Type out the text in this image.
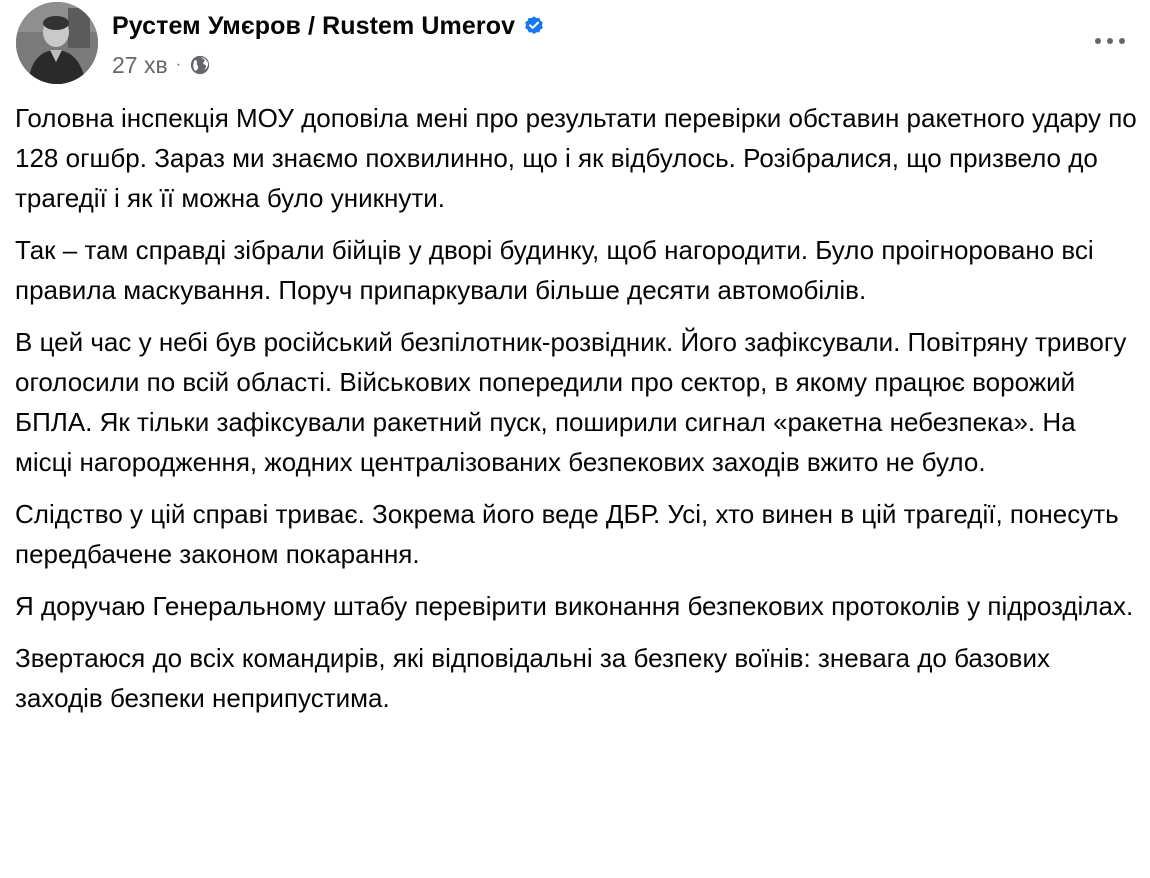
Рустем Умєров / Rustem Umerov
27 хв ·

Головна інспекція МОУ доповіла мені про результати перевірки обставин ракетного удару по 128 огшбр. Зараз ми знаємо похвилинно, що і як відбулось. Розібралися, що призвело до трагедії і як її можна було уникнути.

Так – там справді зібрали бійців у дворі будинку, щоб нагородити. Було проігноровано всі правила маскування. Поруч припаркували більше десяти автомобілів.

В цей час у небі був російський безпілотник-розвідник. Його зафіксували. Повітряну тривогу оголосили по всій області. Військових попередили про сектор, в якому працює ворожий БПЛА. Як тільки зафіксували ракетний пуск, поширили сигнал «ракетна небезпека». На місці нагородження, жодних централізованих безпекових заходів вжито не було.

Слідство у цій справі триває. Зокрема його веде ДБР. Усі, хто винен в цій трагедії, понесуть передбачене законом покарання.

Я доручаю Генеральному штабу перевірити виконання безпекових протоколів у підрозділах.

Звертаюся до всіх командирів, які відповідальні за безпеку воїнів: зневага до базових заходів безпеки неприпустима.
